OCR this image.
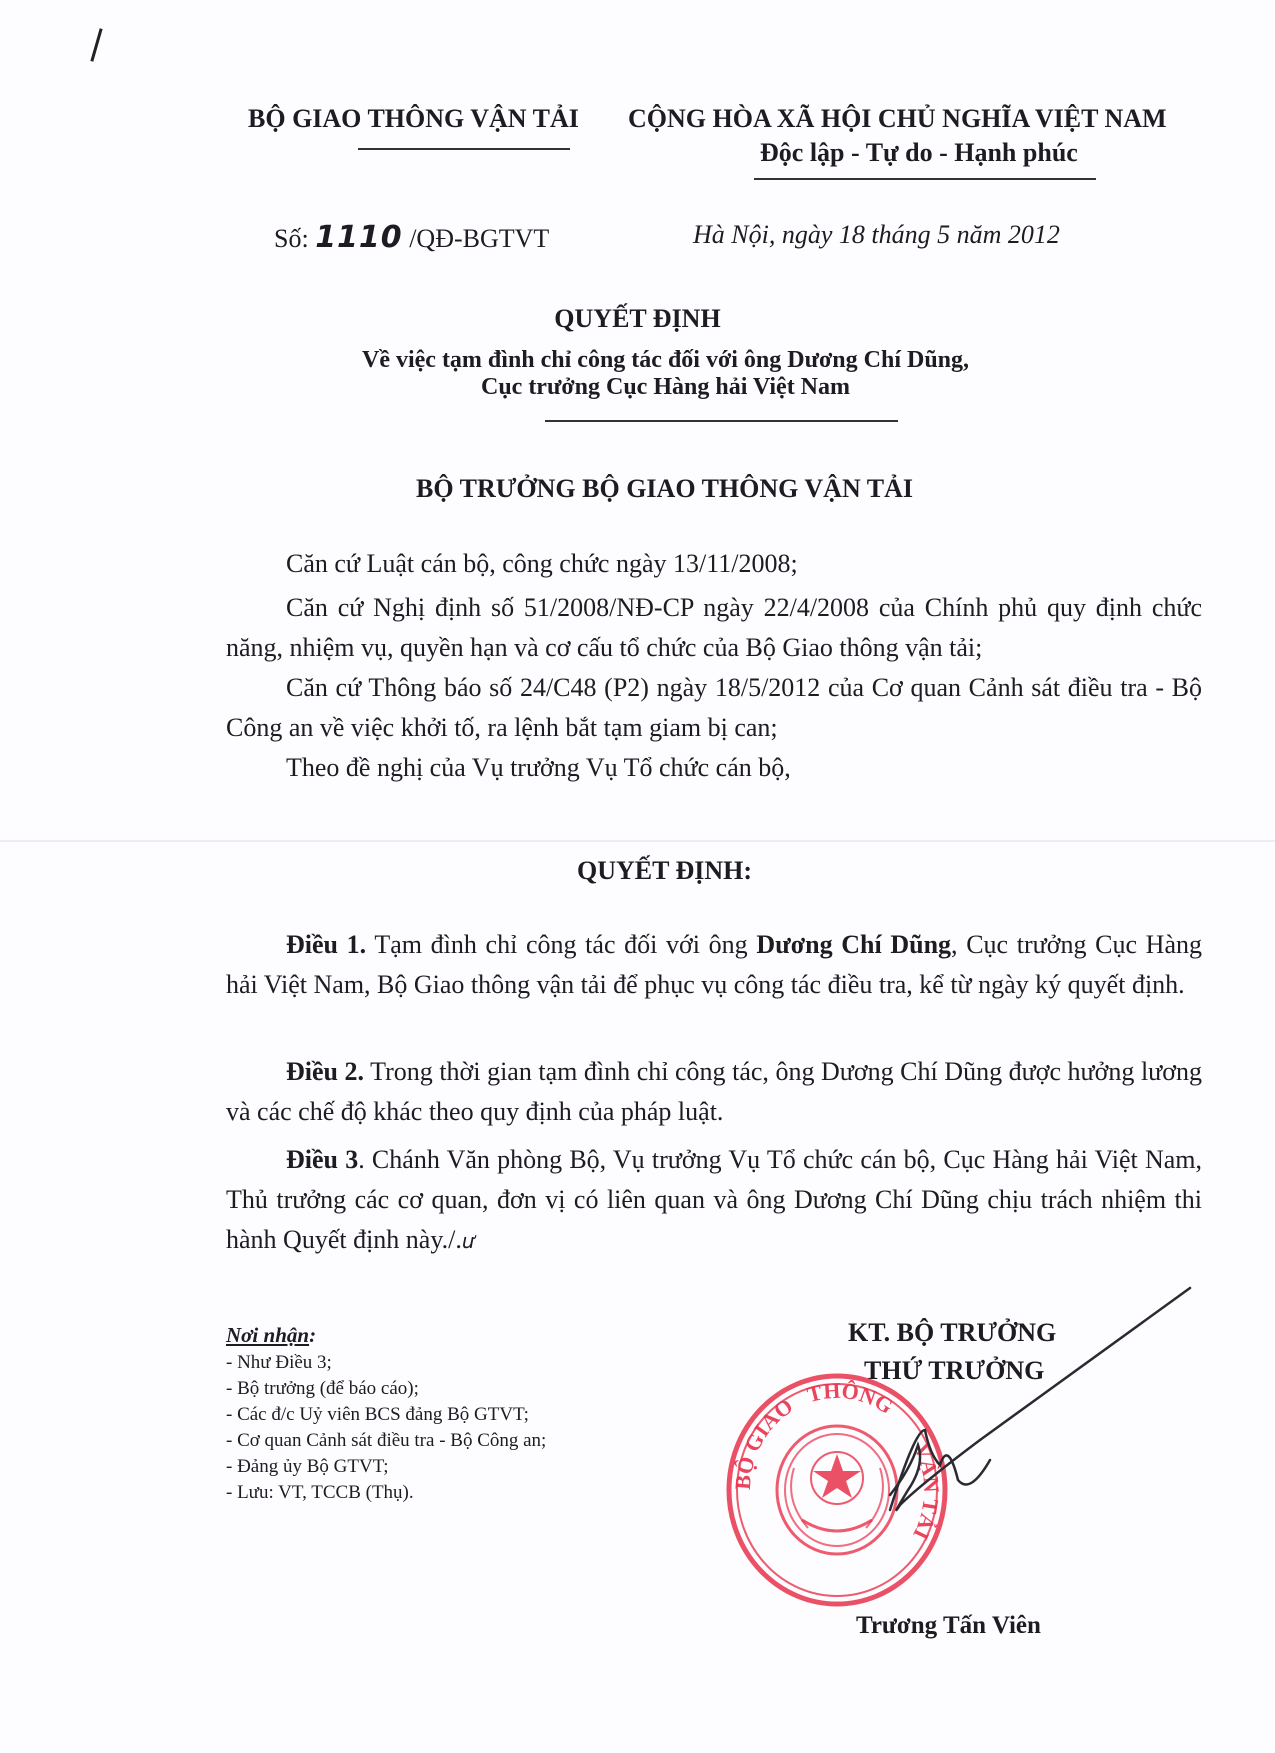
BỘ GIAO THÔNG VẬN TẢI CỘNG HÒA XÃ HỘI CHỦ NGHĨA VIỆT NAM
Độc lập - Tự do - Hạnh phúc
Số: 1110 /QĐ-BGTVT	Hà Nội, ngày 18 tháng 5 năm 2012
QUYẾT ĐỊNH
Về việc tạm đình chỉ công tác đối với ông Dương Chí Dũng,
Cục trưởng Cục Hàng hải Việt Nam
BỘ TRƯỞNG BỘ GIAO THÔNG VẬN TẢI
Căn cứ Luật cán bộ, công chức ngày 13/11/2008;
Căn cứ Nghị định số 51/2008/NĐ-CP ngày 22/4/2008 của Chính phủ quy định chức năng, nhiệm vụ, quyền hạn và cơ cấu tổ chức của Bộ Giao thông vận tải;
Căn cứ Thông báo số 24/C48 (P2) ngày 18/5/2012 của Cơ quan Cảnh sát điều tra - Bộ Công an về việc khởi tố, ra lệnh bắt tạm giam bị can;
Theo đề nghị của Vụ trưởng Vụ Tổ chức cán bộ,
QUYẾT ĐỊNH:
Điều 1. Tạm đình chỉ công tác đối với ông Dương Chí Dũng, Cục trưởng Cục Hàng hải Việt Nam, Bộ Giao thông vận tải để phục vụ công tác điều tra, kể từ ngày ký quyết định.
Điều 2. Trong thời gian tạm đình chỉ công tác, ông Dương Chí Dũng được hưởng lương và các chế độ khác theo quy định của pháp luật.
Điều 3. Chánh Văn phòng Bộ, Vụ trưởng Vụ Tổ chức cán bộ, Cục Hàng hải Việt Nam, Thủ trưởng các cơ quan, đơn vị có liên quan và ông Dương Chí Dũng chịu trách nhiệm thi hành Quyết định này./.ư
Nơi nhận:
- Như Điều 3;
- Bộ trưởng (để báo cáo);
- Các đ/c Uỷ viên BCS đảng Bộ GTVT;
- Cơ quan Cảnh sát điều tra - Bộ Công an;
- Đảng ủy Bộ GTVT;
- Lưu: VT, TCCB (Thụ).
KT. BỘ TRƯỞNG
THỨ TRƯỞNG
BỘ GIAO THÔNG
VẬN TẢI
Trương Tấn Viên
